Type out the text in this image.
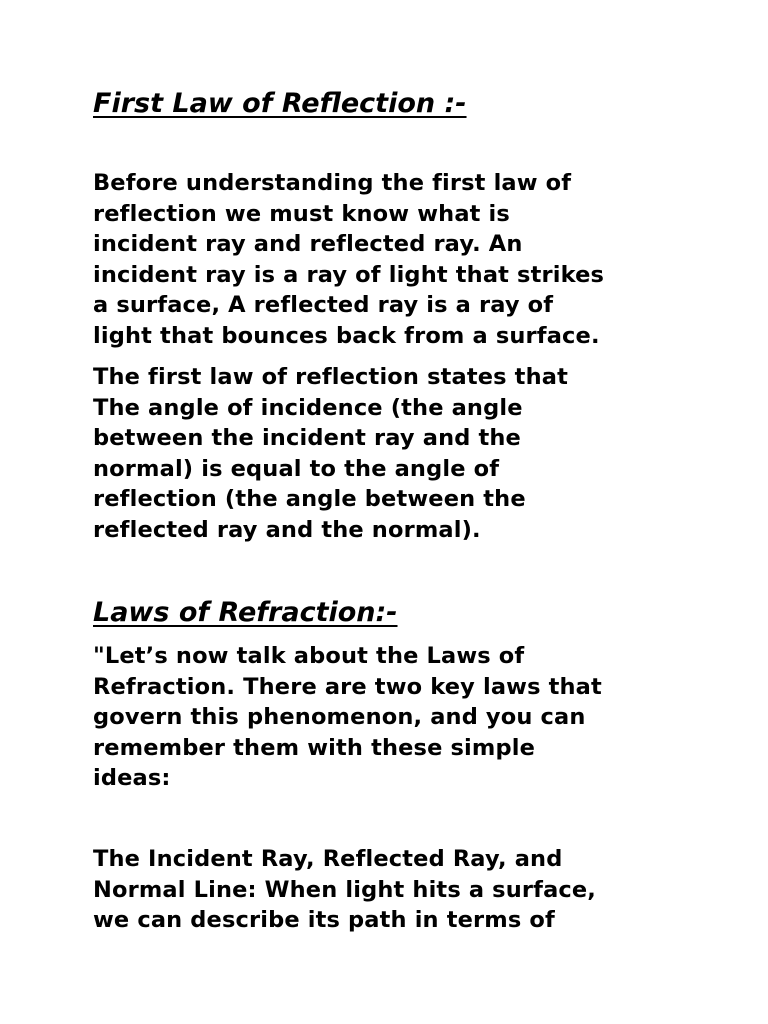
First Law of Reflection :-

Before understanding the first law of
reflection we must know what is
incident ray and reflected ray. An
incident ray is a ray of light that strikes
a surface, A reflected ray is a ray of
light that bounces back from a surface.

The first law of reflection states that
The angle of incidence (the angle
between the incident ray and the
normal) is equal to the angle of
reflection (the angle between the
reflected ray and the normal).

Laws of Refraction:-

"Let’s now talk about the Laws of
Refraction. There are two key laws that
govern this phenomenon, and you can
remember them with these simple
ideas:

The Incident Ray, Reflected Ray, and
Normal Line: When light hits a surface,
we can describe its path in terms of
